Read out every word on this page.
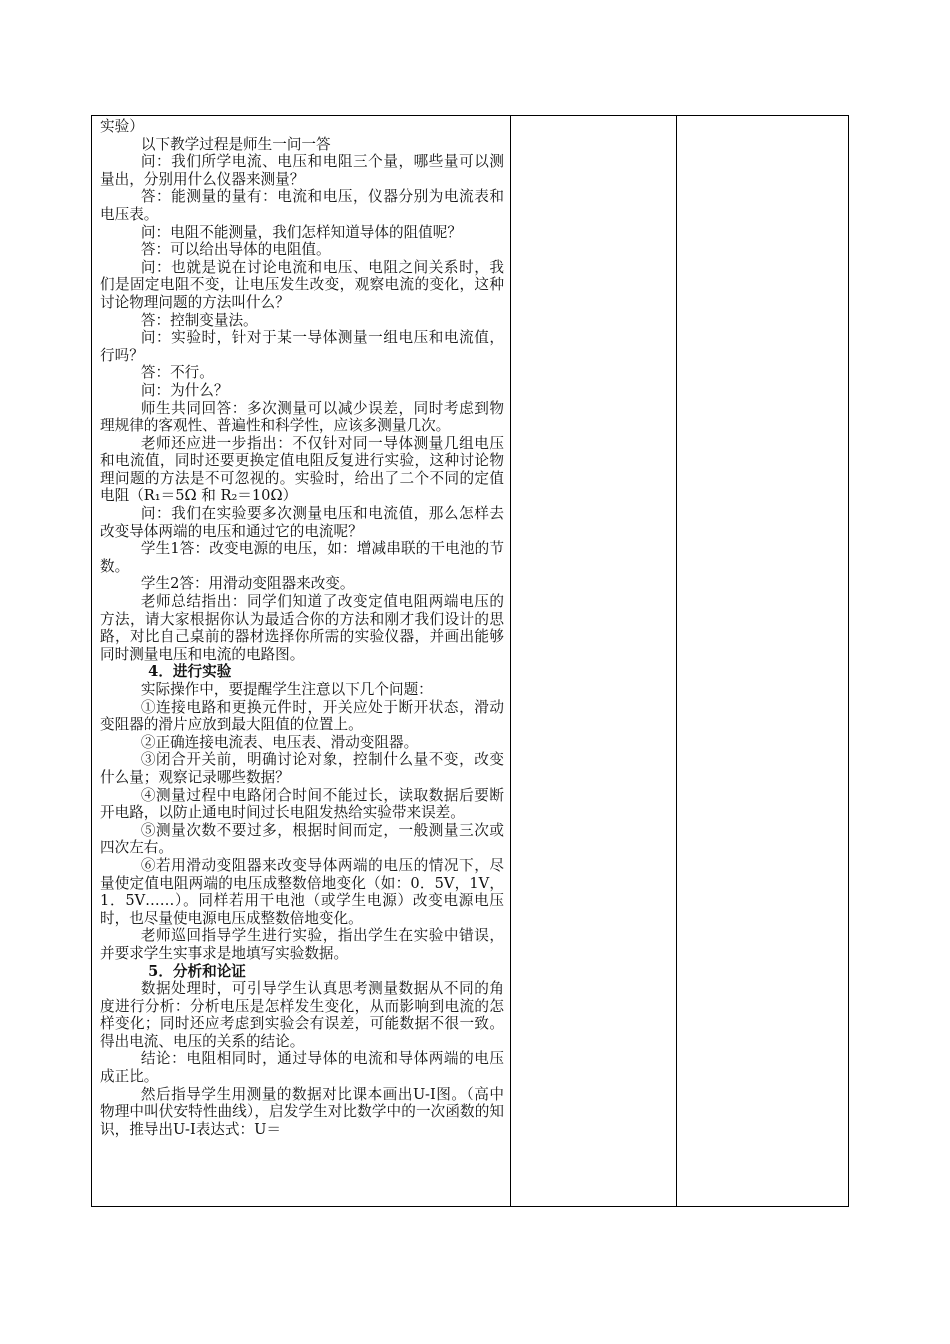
实验）

以下教学过程是师生一问一答

问：我们所学电流、电压和电阻三个量，哪些量可以测量出，分别用什么仪器来测量？

答：能测量的量有：电流和电压，仪器分别为电流表和电压表。

问：电阻不能测量，我们怎样知道导体的阻值呢？

答：可以给出导体的电阻值。

问：也就是说在讨论电流和电压、电阻之间关系时，我们是固定电阻不变，让电压发生改变，观察电流的变化，这种讨论物理问题的方法叫什么？

答：控制变量法。

问：实验时，针对于某一导体测量一组电压和电流值，行吗？

答：不行。

问：为什么？

师生共同回答：多次测量可以减少误差，同时考虑到物理规律的客观性、普遍性和科学性，应该多测量几次。

老师还应进一步指出：不仅针对同一导体测量几组电压和电流值，同时还要更换定值电阻反复进行实验，这种讨论物理问题的方法是不可忽视的。实验时，给出了二个不同的定值电阻（R₁＝5Ω 和 R₂＝10Ω）

问：我们在实验要多次测量电压和电流值，那么怎样去改变导体两端的电压和通过它的电流呢？

学生1答：改变电源的电压，如：增减串联的干电池的节数。

学生2答：用滑动变阻器来改变。

老师总结指出：同学们知道了改变定值电阻两端电压的方法，请大家根据你认为最适合你的方法和刚才我们设计的思路，对比自己桌前的器材选择你所需的实验仪器，并画出能够同时测量电压和电流的电路图。

4．进行实验

实际操作中，要提醒学生注意以下几个问题：

①连接电路和更换元件时，开关应处于断开状态，滑动变阻器的滑片应放到最大阻值的位置上。

②正确连接电流表、电压表、滑动变阻器。

③闭合开关前，明确讨论对象，控制什么量不变，改变什么量；观察记录哪些数据？

④测量过程中电路闭合时间不能过长，读取数据后要断开电路，以防止通电时间过长电阻发热给实验带来误差。

⑤测量次数不要过多，根据时间而定，一般测量三次或四次左右。

⑥若用滑动变阻器来改变导体两端的电压的情况下，尽量使定值电阻两端的电压成整数倍地变化（如：0．5V，1V，1．5V……）。同样若用干电池（或学生电源）改变电源电压时，也尽量使电源电压成整数倍地变化。

老师巡回指导学生进行实验，指出学生在实验中错误，并要求学生实事求是地填写实验数据。

5．分析和论证

数据处理时，可引导学生认真思考测量数据从不同的角度进行分析：分析电压是怎样发生变化，从而影响到电流的怎样变化；同时还应考虑到实验会有误差，可能数据不很一致。得出电流、电压的关系的结论。

结论：电阻相同时，通过导体的电流和导体两端的电压成正比。

然后指导学生用测量的数据对比课本画出U-I图。（高中物理中叫伏安特性曲线），启发学生对比数学中的一次函数的知识，推导出U-I表达式：U＝
